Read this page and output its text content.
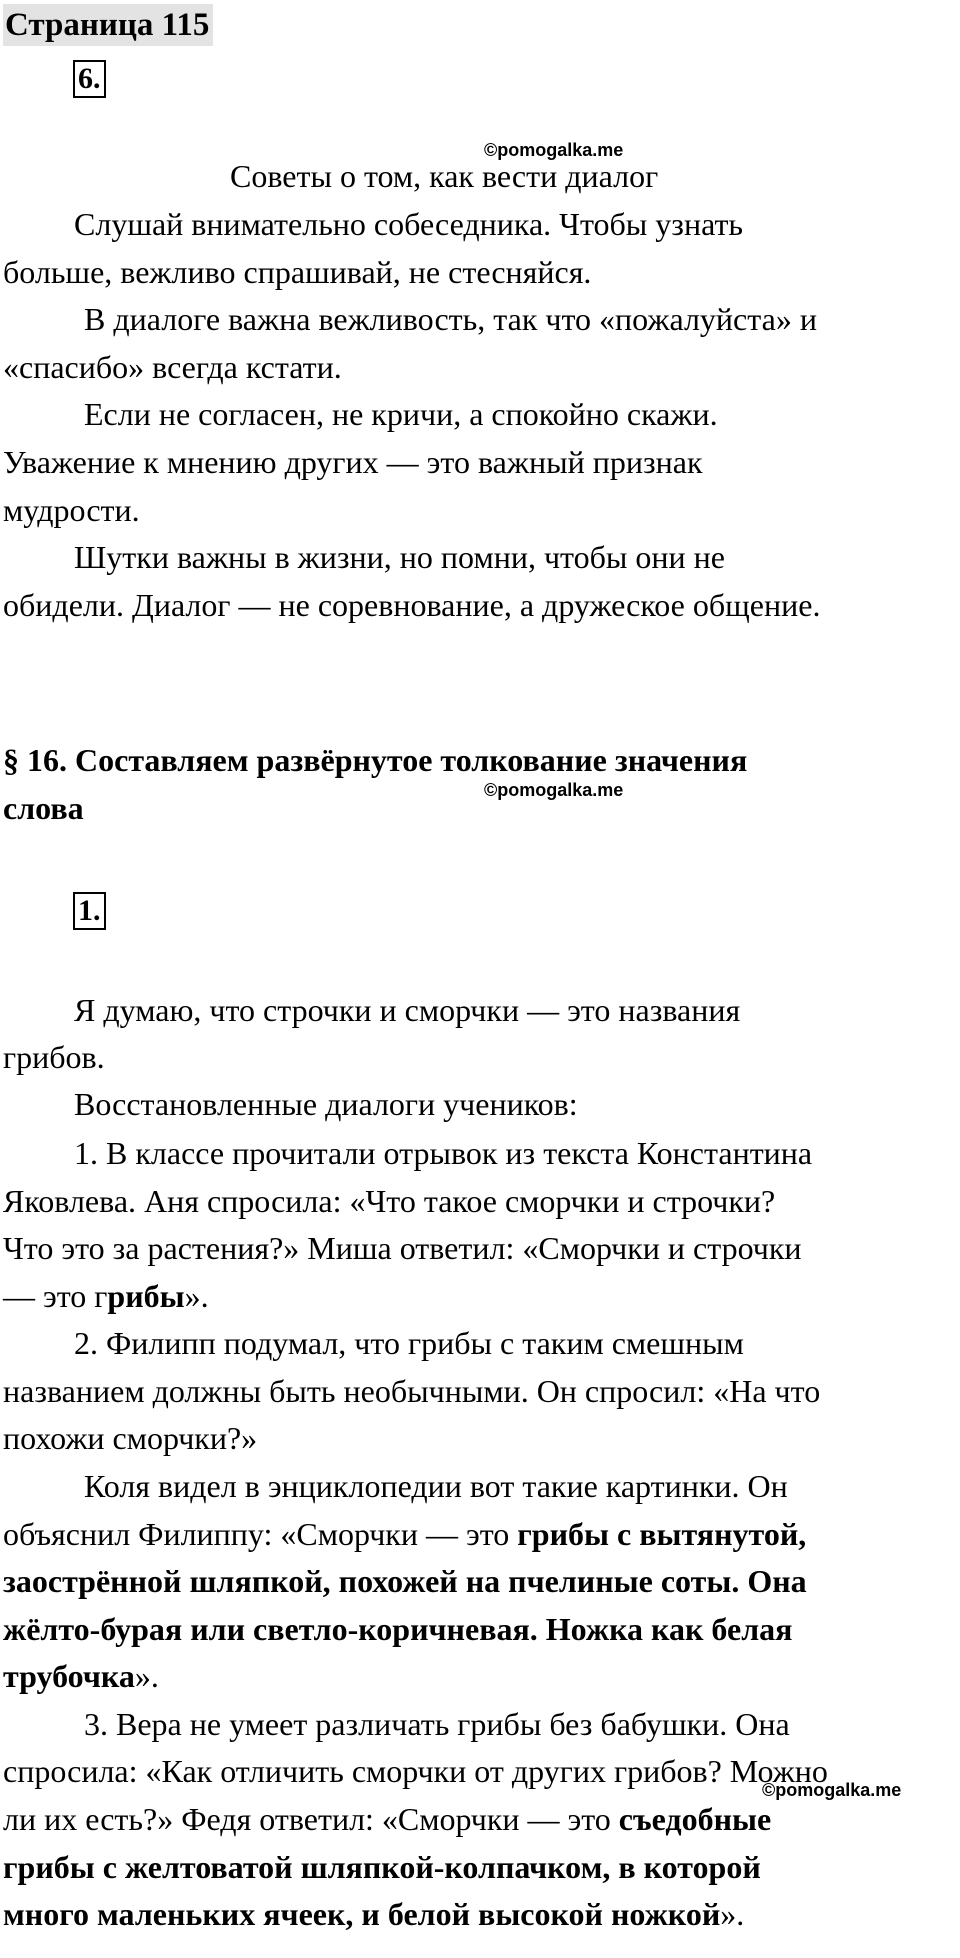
Страница 115
6.
©pomogalka.me
Советы о том, как вести диалог
Слушай внимательно собеседника. Чтобы узнать
больше, вежливо спрашивай, не стесняйся.
В диалоге важна вежливость, так что «пожалуйста» и
«спасибо» всегда кстати.
Если не согласен, не кричи, а спокойно скажи.
Уважение к мнению других — это важный признак
мудрости.
Шутки важны в жизни, но помни, чтобы они не
обидели. Диалог — не соревнование, а дружеское общение.
§ 16. Составляем развёрнутое толкование значения
©pomogalka.me
слова
1.
Я думаю, что строчки и сморчки — это названия
грибов.
Восстановленные диалоги учеников:
1. В классе прочитали отрывок из текста Константина
Яковлева. Аня спросила: «Что такое сморчки и строчки?
Что это за растения?» Миша ответил: «Сморчки и строчки
— это грибы».
2. Филипп подумал, что грибы с таким смешным
названием должны быть необычными. Он спросил: «На что
похожи сморчки?»
Коля видел в энциклопедии вот такие картинки. Он
объяснил Филиппу: «Сморчки — это грибы с вытянутой,
заострённой шляпкой, похожей на пчелиные соты. Она
жёлто-бурая или светло-коричневая. Ножка как белая
трубочка».
3. Вера не умеет различать грибы без бабушки. Она
спросила: «Как отличить сморчки от других грибов? Можно
©pomogalka.me
ли их есть?» Федя ответил: «Сморчки — это съедобные
грибы с желтоватой шляпкой-колпачком, в которой
много маленьких ячеек, и белой высокой ножкой».
